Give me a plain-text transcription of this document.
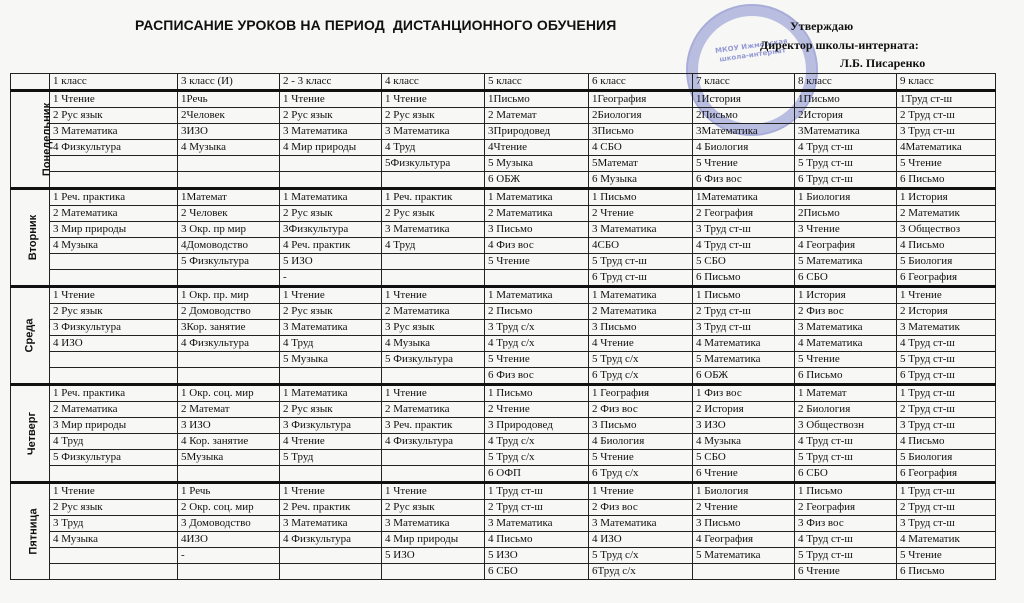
РАСПИСАНИЕ УРОКОВ НА ПЕРИОД  ДИСТАНЦИОННОГО ОБУЧЕНИЯ
МКОУ Ижморская школа-интернат
Утверждаю
Директор школы-интерната:
Л.Б. Писаренко
	1 класс	3 класс (И)	2 - 3 класс	4 класс	5 класс	6 класс	7 класс	8 класс	9 класс
Понедельник	1 Чтение	1Речь	1 Чтение	1 Чтение	1Письмо	1География	1История	1Письмо	1Труд ст-ш
	2 Рус язык	2Человек	2 Рус язык	2 Рус язык	2 Математ	2Биология	2Письмо	2История	2 Труд ст-ш
	3 Математика	3ИЗО	3 Математика	3 Математика	3Природовед	3Письмо	3Математика	3Математика	3 Труд ст-ш
	4 Физкультура	4 Музыка	4 Мир природы	4 Труд	4Чтение	4 СБО	4 Биология	4 Труд ст-ш	4Математика
				5Физкультура	5 Музыка	5Математ	5 Чтение	5 Труд ст-ш	5 Чтение
					6 ОБЖ	6 Музыка	6 Физ вос	6 Труд ст-ш	6 Письмо
Вторник	1 Реч. практика	1Математ	1 Математика	1 Реч. практик	1 Математика	1 Письмо	1Математика	1 Биология	1 История
	2 Математика	2 Человек	2 Рус язык	2 Рус язык	2 Математика	2 Чтение	2 География	2Письмо	2 Математик
	3 Мир природы	3 Окр. пр мир	3Физкультура	3 Математика	3 Письмо	3 Математика	3 Труд ст-ш	3 Чтение	3 Обществоз
	4 Музыка	4Домоводство	4 Реч. практик	4 Труд	4 Физ вос	4СБО	4 Труд ст-ш	4 География	4 Письмо
		5 Физкультура	5 ИЗО		5 Чтение	5 Труд ст-ш	5 СБО	5 Математика	5 Биология
			-			6 Труд ст-ш	6 Письмо	6 СБО	6 География
Среда	1 Чтение	1 Окр. пр. мир	1 Чтение	1 Чтение	1 Математика	1 Математика	1 Письмо	1 История	1 Чтение
	2 Рус язык	2 Домоводство	2 Рус язык	2 Математика	2 Письмо	2 Математика	2 Труд ст-ш	2 Физ вос	2 История
	3 Физкультура	3Кор. занятие	3 Математика	3 Рус язык	3 Труд с/х	3 Письмо	3 Труд ст-ш	3 Математика	3 Математик
	4 ИЗО	4 Физкультура	4 Труд	4 Музыка	4 Труд с/х	4 Чтение	4 Математика	4 Математика	4 Труд ст-ш
			5 Музыка	5 Физкультура	5 Чтение	5 Труд с/х	5 Математика	5 Чтение	5 Труд ст-ш
					6 Физ вос	6 Труд с/х	6 ОБЖ	6 Письмо	6 Труд ст-ш
Четверг	1 Реч. практика	1 Окр. соц. мир	1 Математика	1 Чтение	1 Письмо	1 География	1 Физ вос	1 Математ	1 Труд ст-ш
	2 Математика	2 Математ	2 Рус язык	2 Математика	2 Чтение	2 Физ вос	2 История	2 Биология	2 Труд ст-ш
	3 Мир природы	3 ИЗО	3 Физкультура	3 Реч. практик	3 Природовед	3 Письмо	3 ИЗО	3 Обществозн	3 Труд ст-ш
	4 Труд	4 Кор. занятие	4 Чтение	4 Физкультура	4 Труд с/х	4 Биология	4 Музыка	4 Труд ст-ш	4 Письмо
	5 Физкультура	5Музыка	5 Труд		5 Труд с/х	5 Чтение	5 СБО	5 Труд ст-ш	5 Биология
					6 ОФП	6 Труд с/х	6 Чтение	6 СБО	6 География
Пятница	1 Чтение	1 Речь	1 Чтение	1 Чтение	1 Труд ст-ш	1 Чтение	1 Биология	1 Письмо	1 Труд ст-ш
	2 Рус язык	2 Окр. соц. мир	2 Реч. практик	2 Рус язык	2 Труд ст-ш	2 Физ вос	2 Чтение	2 География	2 Труд ст-ш
	3 Труд	3 Домоводство	3 Математика	3 Математика	3 Математика	3 Математика	3 Письмо	3 Физ вос	3 Труд ст-ш
	4 Музыка	4ИЗО	4 Физкультура	4 Мир природы	4 Письмо	4 ИЗО	4 География	4 Труд ст-ш	4 Математик
		-		5 ИЗО	5 ИЗО	5 Труд с/х	5 Математика	5 Труд ст-ш	5 Чтение
					6 СБО	6Труд с/х		6 Чтение	6 Письмо
